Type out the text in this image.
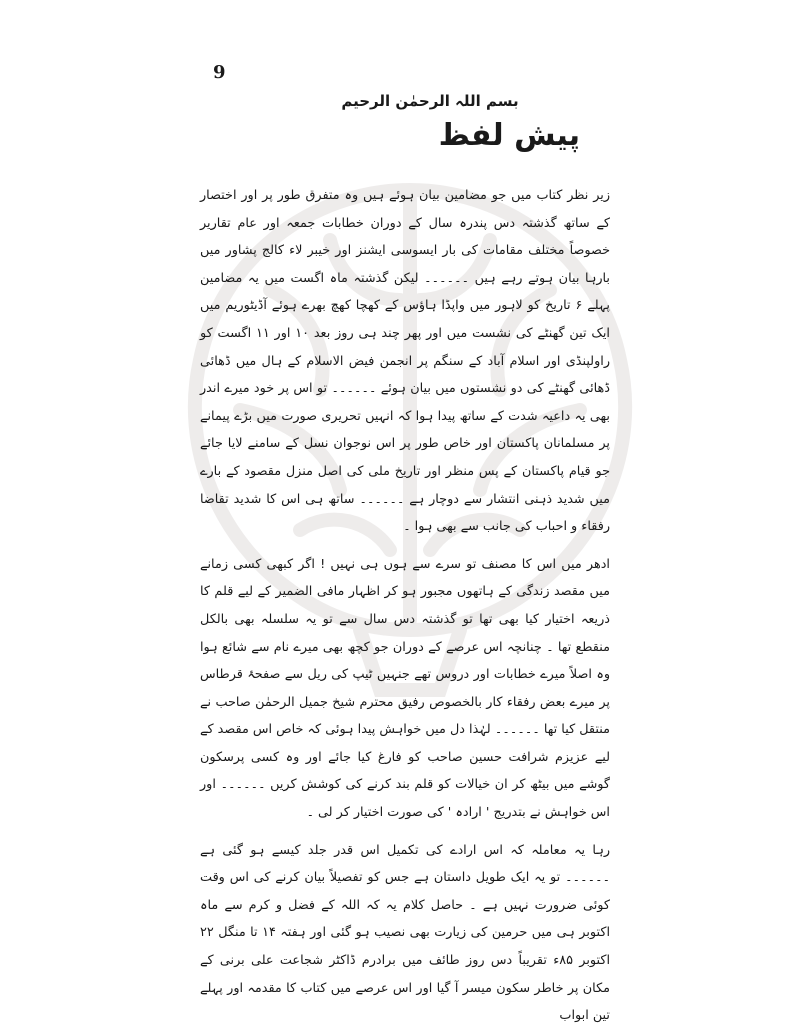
9
بسم اللہ الرحمٰن الرحیم
پیش لفظ

زیر نظر کتاب میں جو مضامین بیان ہوئے ہیں وہ متفرق طور پر اور اختصار کے ساتھ گذشتہ دس پندرہ سال کے دوران خطابات جمعہ اور عام تقاریر خصوصاً مختلف مقامات کی بار ایسوسی ایشنز اور خیبر لاء کالج پشاور میں بارہا بیان ہوتے رہے ہیں ۔۔۔۔۔۔ لیکن گذشتہ ماہ اگست میں یہ مضامین پہلے ۶ تاریخ کو لاہور میں واپڈا ہاؤس کے کھچا کھچ بھرے ہوئے آڈیٹوریم میں ایک تین گھنٹے کی نشست میں اور پھر چند ہی روز بعد ۱۰ اور ۱۱ اگست کو راولپنڈی اور اسلام آباد کے سنگم پر انجمن فیض الاسلام کے ہال میں ڈھائی ڈھائی گھنٹے کی دو نشستوں میں بیان ہوئے ۔۔۔۔۔۔ تو اس پر خود میرے اندر بھی یہ داعیہ شدت کے ساتھ پیدا ہوا کہ انہیں تحریری صورت میں بڑے پیمانے پر مسلمانان پاکستان اور خاص طور پر اس نوجوان نسل کے سامنے لایا جائے جو قیام پاکستان کے پس منظر اور تاریخ ملی کی اصل منزل مقصود کے بارے میں شدید ذہنی انتشار سے دوچار ہے ۔۔۔۔۔۔ ساتھ ہی اس کا شدید تقاضا رفقاء و احباب کی جانب سے بھی ہوا ۔

ادھر میں اس کا مصنف تو سرے سے ہوں ہی نہیں ! اگر کبھی کسی زمانے میں مقصد زندگی کے ہاتھوں مجبور ہو کر اظہار مافی الضمیر کے لیے قلم کا ذریعہ اختیار کیا بھی تھا تو گذشتہ دس سال سے تو یہ سلسلہ بھی بالکل منقطع تھا ۔ چنانچہ اس عرصے کے دوران جو کچھ بھی میرے نام سے شائع ہوا وہ اصلاً میرے خطابات اور دروس تھے جنہیں ٹیپ کی ریل سے صفحۂ قرطاس پر میرے بعض رفقاء کار بالخصوص رفیق محترم شیخ جمیل الرحمٰن صاحب نے منتقل کیا تھا ۔۔۔۔۔۔ لہٰذا دل میں خواہش پیدا ہوئی کہ خاص اس مقصد کے لیے عزیزم شرافت حسین صاحب کو فارغ کیا جائے اور وہ کسی پرسکون گوشے میں بیٹھ کر ان خیالات کو قلم بند کرنے کی کوشش کریں ۔۔۔۔۔۔ اور اس خواہش نے بتدریج ' ارادہ ' کی صورت اختیار کر لی ۔

رہا یہ معاملہ کہ اس ارادے کی تکمیل اس قدر جلد کیسے ہو گئی ہے ۔۔۔۔۔۔ تو یہ ایک طویل داستان ہے جس کو تفصیلاً بیان کرنے کی اس وقت کوئی ضرورت نہیں ہے ۔ حاصل کلام یہ کہ اللہ کے فضل و کرم سے ماہ اکتوبر ہی میں حرمین کی زیارت بھی نصیب ہو گئی اور ہفتہ ۱۴ تا منگل ۲۲ اکتوبر ۸۵ء تقریباً دس روز طائف میں برادرم ڈاکٹر شجاعت علی برنی کے مکان پر خاطر سکون میسر آ گیا اور اس عرصے میں کتاب کا مقدمہ اور پہلے تین ابواب
